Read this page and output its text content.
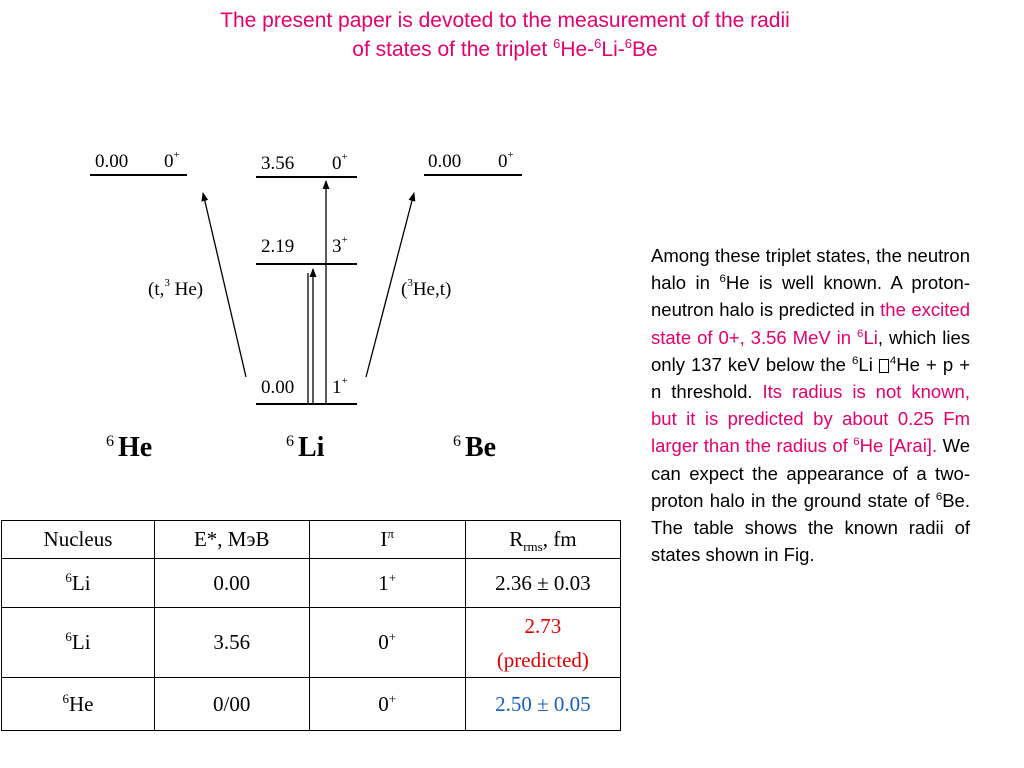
The present paper is devoted to the measurement of the radii
of states of the triplet $^6$He-$^6$Li-$^6$Be
0.00 0+	3.56 0+
2.19 3+
0.00 1+
0.00 0+
(t,$^3$ He)	($^3$He,t)
$^6$ He	$^6$ Li	$^6$ Be
Among these triplet states, the neutron halo in $^6$He is well known. A proton-neutron halo is predicted in the excited state of 0+, 3.56 MeV in $^6$Li, which lies only 137 keV below the $^6$Li $^4$He + p + n threshold. Its radius is not known, but it is predicted by about 0.25 Fm larger than the radius of $^6$He [Arai]. We can expect the appearance of a two-proton halo in the ground state of $^6$Be. The table shows the known radii of states shown in Fig.
Nucleus	E*, МэВ	$I^\pi$	$R_{rms}$, fm
$^6$Li	0.00	1+	2.36 ± 0.03
$^6$Li	3.56	0+	2.73
(predicted)

$^6$He	0/00	0+	2.50 ± 0.05
